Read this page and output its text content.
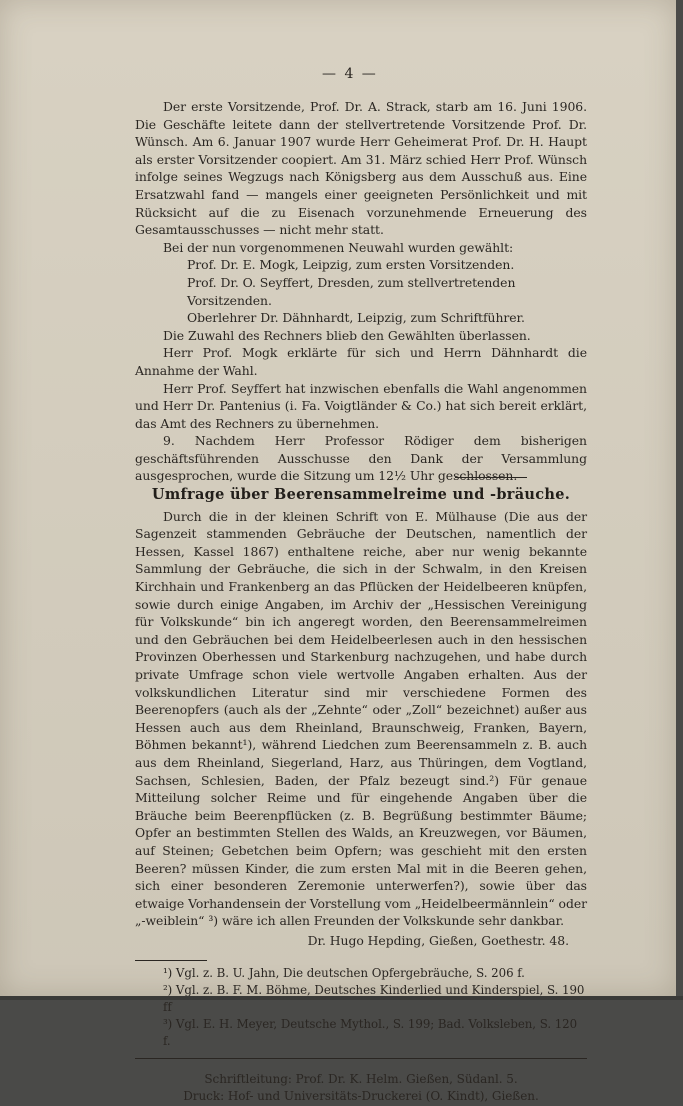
— 4 —

Der erste Vorsitzende, Prof. Dr. A. Strack, starb am 16. Juni 1906. Die Geschäfte leitete dann der stellvertretende Vorsitzende Prof. Dr. Wünsch. Am 6. Januar 1907 wurde Herr Geheimerat Prof. Dr. H. Haupt als erster Vorsitzender coopiert. Am 31. März schied Herr Prof. Wünsch infolge seines Wegzugs nach Königsberg aus dem Ausschuß aus. Eine Ersatzwahl fand — mangels einer geeigneten Persönlichkeit und mit Rücksicht auf die zu Eisenach vorzunehmende Erneuerung des Gesamtausschusses — nicht mehr statt.

Bei der nun vorgenommenen Neuwahl wurden gewählt:

Prof. Dr. E. Mogk, Leipzig, zum ersten Vorsitzenden.

Prof. Dr. O. Seyffert, Dresden, zum stellvertretenden Vorsitzenden.

Oberlehrer Dr. Dähnhardt, Leipzig, zum Schriftführer.

Die Zuwahl des Rechners blieb den Gewählten überlassen.

Herr Prof. Mogk erklärte für sich und Herrn Dähnhardt die Annahme der Wahl.

Herr Prof. Seyffert hat inzwischen ebenfalls die Wahl angenommen und Herr Dr. Pantenius (i. Fa. Voigtländer & Co.) hat sich bereit erklärt, das Amt des Rechners zu übernehmen.

9. Nachdem Herr Professor Rödiger dem bisherigen geschäftsführenden Ausschusse den Dank der Versammlung ausgesprochen, wurde die Sitzung um 12½ Uhr geschlossen.

Umfrage über Beerensammelreime und -bräuche.

Durch die in der kleinen Schrift von E. Mülhause (Die aus der Sagenzeit stammenden Gebräuche der Deutschen, namentlich der Hessen, Kassel 1867) enthaltene reiche, aber nur wenig bekannte Sammlung der Gebräuche, die sich in der Schwalm, in den Kreisen Kirchhain und Frankenberg an das Pflücken der Heidelbeeren knüpfen, sowie durch einige Angaben, im Archiv der „Hessischen Vereinigung für Volkskunde“ bin ich angeregt worden, den Beerensammelreimen und den Gebräuchen bei dem Heidelbeerlesen auch in den hessischen Provinzen Oberhessen und Starkenburg nachzugehen, und habe durch private Umfrage schon viele wertvolle Angaben erhalten. Aus der volkskundlichen Literatur sind mir verschiedene Formen des Beerenopfers (auch als der „Zehnte“ oder „Zoll“ bezeichnet) außer aus Hessen auch aus dem Rheinland, Braunschweig, Franken, Bayern, Böhmen bekannt¹), während Liedchen zum Beerensammeln z. B. auch aus dem Rheinland, Siegerland, Harz, aus Thüringen, dem Vogtland, Sachsen, Schlesien, Baden, der Pfalz bezeugt sind.²) Für genaue Mitteilung solcher Reime und für eingehende Angaben über die Bräuche beim Beerenpflücken (z. B. Begrüßung bestimmter Bäume; Opfer an bestimmten Stellen des Walds, an Kreuzwegen, vor Bäumen, auf Steinen; Gebetchen beim Opfern; was geschieht mit den ersten Beeren? müssen Kinder, die zum ersten Mal mit in die Beeren gehen, sich einer besonderen Zeremonie unterwerfen?), sowie über das etwaige Vorhandensein der Vorstellung vom „Heidelbeermännlein“ oder „-weiblein“ ³) wäre ich allen Freunden der Volkskunde sehr dankbar.

Dr. Hugo Hepding, Gießen, Goethestr. 48.

¹) Vgl. z. B. U. Jahn, Die deutschen Opfergebräuche, S. 206 f.

²) Vgl. z. B. F. M. Böhme, Deutsches Kinderlied und Kinderspiel, S. 190 ff

³) Vgl. E. H. Meyer, Deutsche Mythol., S. 199; Bad. Volksleben, S. 120 f.

Schriftleitung: Prof. Dr. K. Helm. Gießen, Südanl. 5.

Druck: Hof- und Universitäts-Druckerei (O. Kindt), Gießen.
